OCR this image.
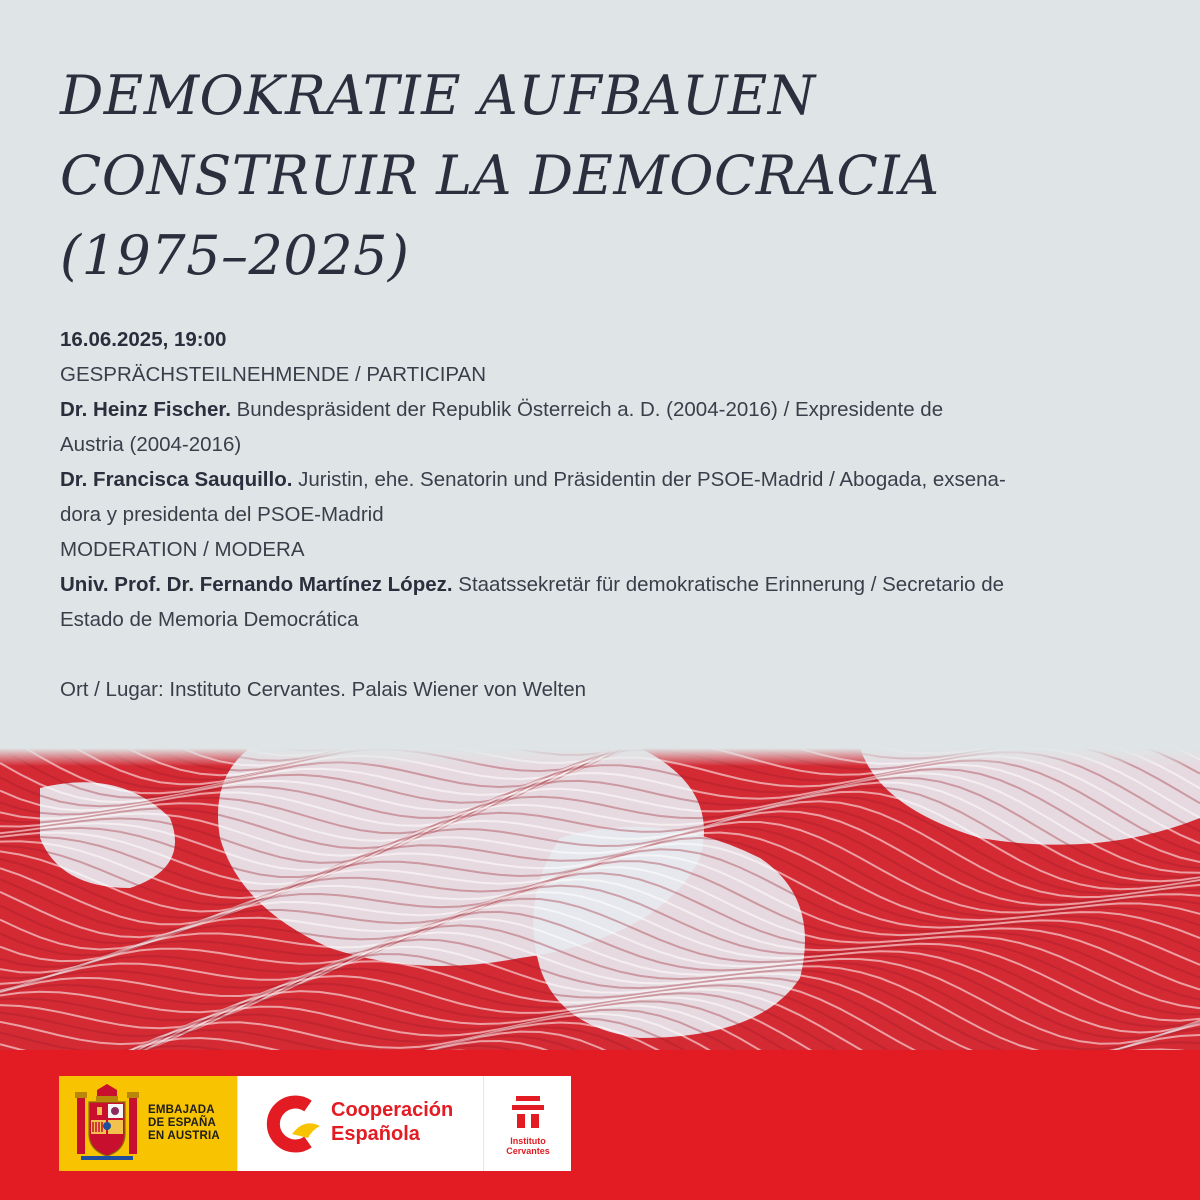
DEMOKRATIE AUFBAUEN
CONSTRUIR LA DEMOCRACIA
(1975–2025)

16.06.2025, 19:00

GESPRÄCHSTEILNEHMENDE / PARTICIPAN

Dr. Heinz Fischer. Bundespräsident der Republik Österreich a. D. (2004-2016) / Expresidente de

Austria (2004-2016)

Dr. Francisca Sauquillo. Juristin, ehe. Senatorin und Präsidentin der PSOE-Madrid / Abogada, exsena-

dora y presidenta del PSOE-Madrid

MODERATION / MODERA

Univ. Prof. Dr. Fernando Martínez López. Staatssekretär für demokratische Erinnerung / Secretario de

Estado de Memoria Democrática

Ort / Lugar: Instituto Cervantes. Palais Wiener von Welten

EMBAJADA
DE ESPAÑA
EN AUSTRIA
Cooperación
Española	Instituto
Cervantes
